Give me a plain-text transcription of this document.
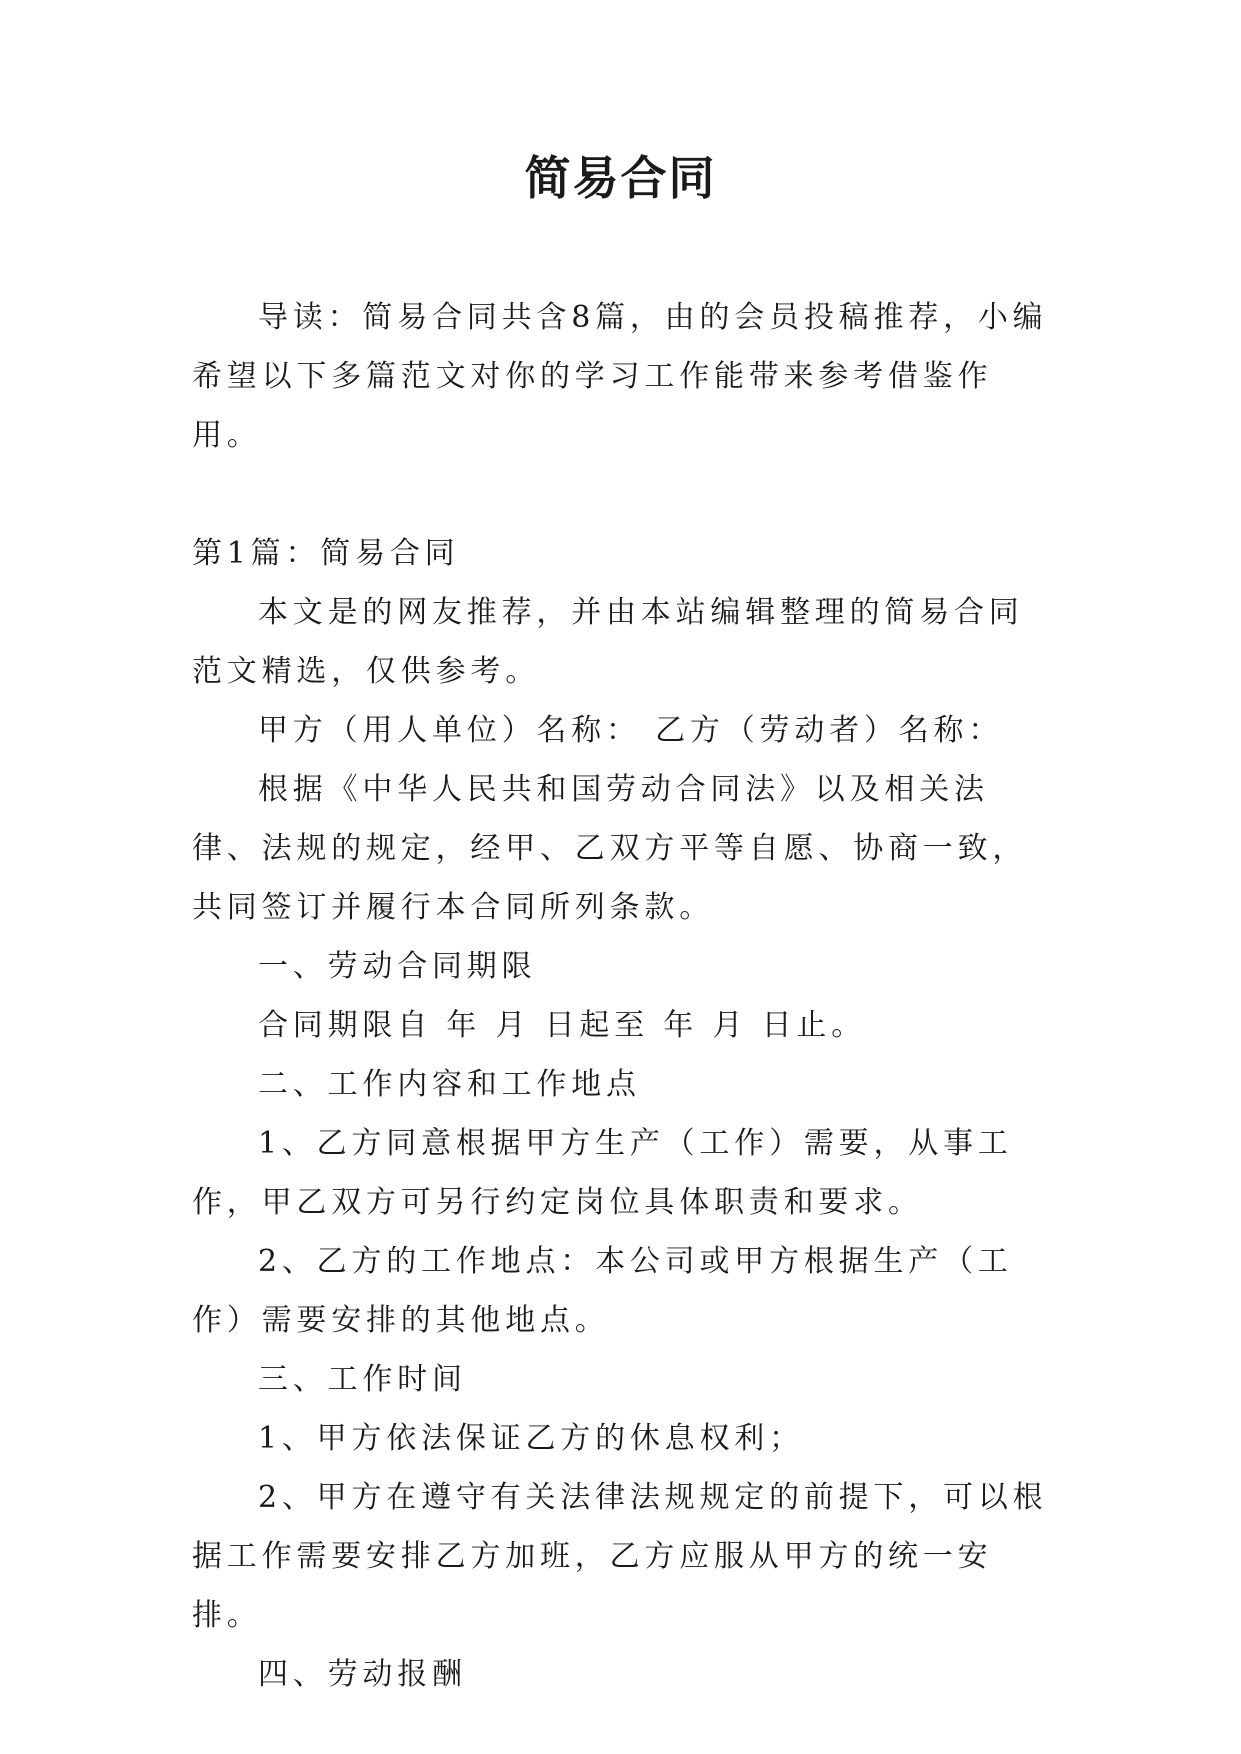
简易合同

导读：简易合同共含8篇，由的会员投稿推荐，小编希望以下多篇范文对你的学习工作能带来参考借鉴作用。

第1篇：简易合同

本文是的网友推荐，并由本站编辑整理的简易合同范文精选，仅供参考。

甲方（用人单位）名称： 乙方（劳动者）名称：

根据《中华人民共和国劳动合同法》以及相关法律、法规的规定，经甲、乙双方平等自愿、协商一致，共同签订并履行本合同所列条款。

一、劳动合同期限

合同期限自 年 月 日起至 年 月 日止。

二、工作内容和工作地点

1、乙方同意根据甲方生产（工作）需要，从事工作，甲乙双方可另行约定岗位具体职责和要求。

2、乙方的工作地点：本公司或甲方根据生产（工作）需要安排的其他地点。

三、工作时间

1、甲方依法保证乙方的休息权利；

2、甲方在遵守有关法律法规规定的前提下，可以根据工作需要安排乙方加班，乙方应服从甲方的统一安排。

四、劳动报酬
